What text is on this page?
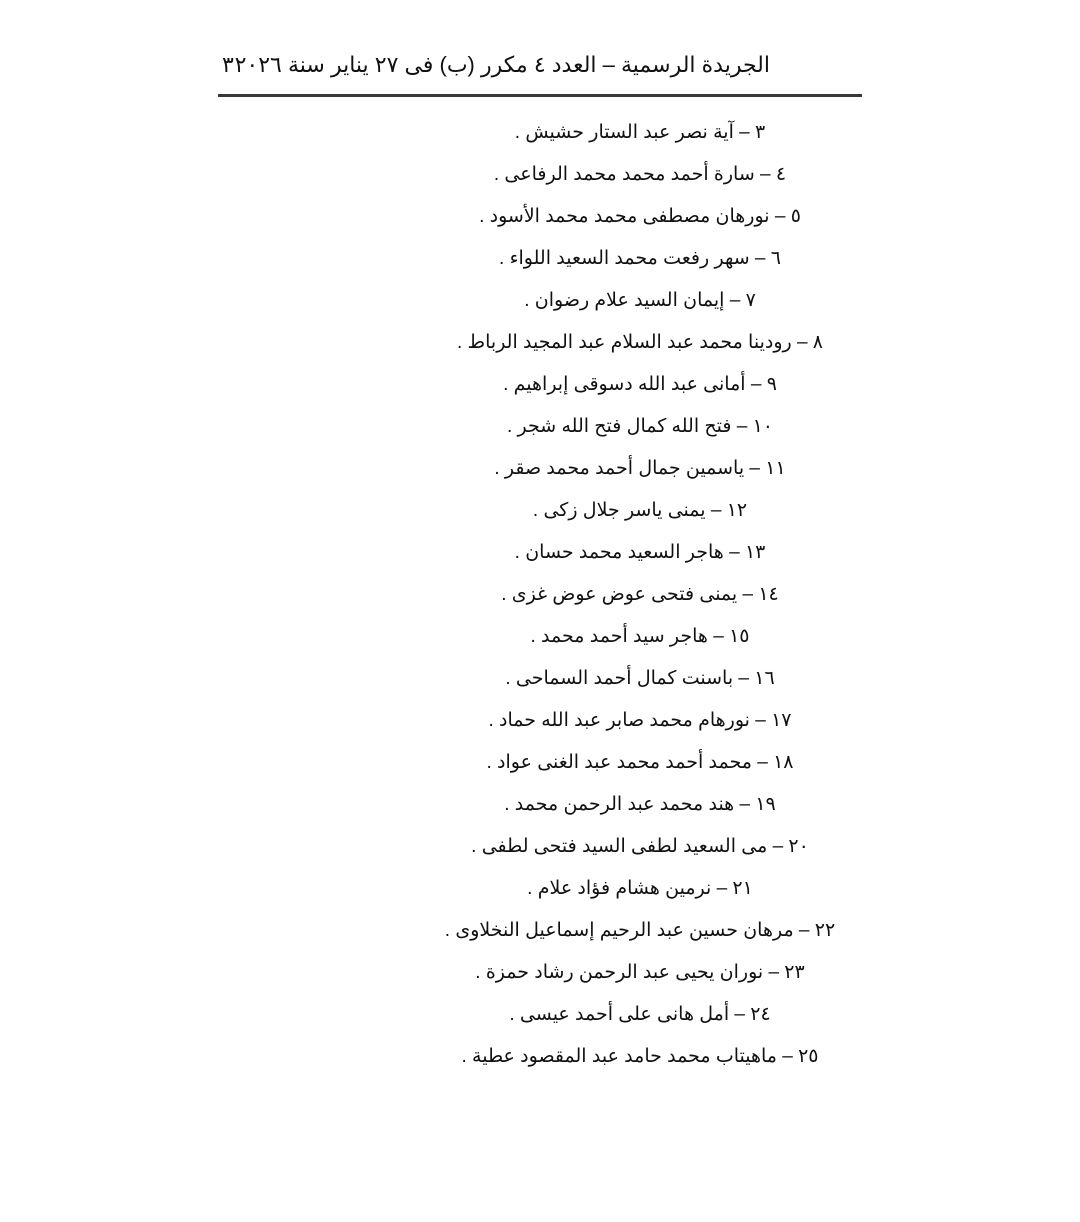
الجريدة الرسمية – العدد ٤ مكرر (ب) فى ٢٧ يناير سنة ٢٠٢٦
٣
٣ – آية نصر عبد الستار حشيش .
٤ – سارة أحمد محمد محمد الرفاعى .
٥ – نورهان مصطفى محمد محمد الأسود .
٦ – سهر رفعت محمد السعيد اللواء .
٧ – إيمان السيد علام رضوان .
٨ – رودينا محمد عبد السلام عبد المجيد الرباط .
٩ – أمانى عبد الله دسوقى إبراهيم .
١٠ – فتح الله كمال فتح الله شجر .
١١ – ياسمين جمال أحمد محمد صقر .
١٢ – يمنى ياسر جلال زكى .
١٣ – هاجر السعيد محمد حسان .
١٤ – يمنى فتحى عوض عوض غزى .
١٥ – هاجر سيد أحمد محمد .
١٦ – باسنت كمال أحمد السماحى .
١٧ – نورهام محمد صابر عبد الله حماد .
١٨ – محمد أحمد محمد عبد الغنى عواد .
١٩ – هند محمد عبد الرحمن محمد .
٢٠ – مى السعيد لطفى السيد فتحى لطفى .
٢١ – نرمين هشام فؤاد علام .
٢٢ – مرهان حسين عبد الرحيم إسماعيل النخلاوى .
٢٣ – نوران يحيى عبد الرحمن رشاد حمزة .
٢٤ – أمل هانى على أحمد عيسى .
٢٥ – ماهيتاب محمد حامد عبد المقصود عطية .
